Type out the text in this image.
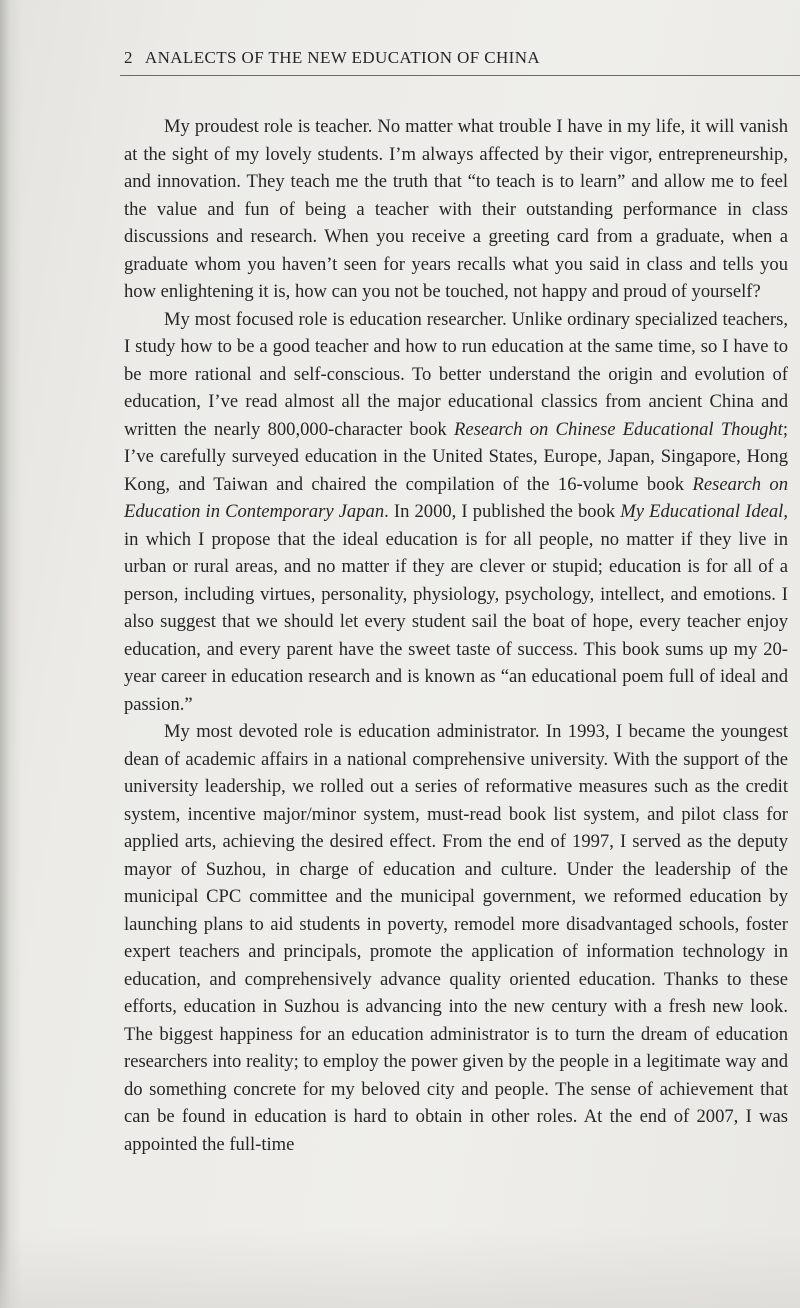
2 ANALECTS OF THE NEW EDUCATION OF CHINA

My proudest role is teacher. No matter what trouble I have in my life, it will vanish at the sight of my lovely students. I’m always affected by their vigor, entrepreneurship, and innovation. They teach me the truth that “to teach is to learn” and allow me to feel the value and fun of being a teacher with their outstanding performance in class discussions and research. When you receive a greeting card from a graduate, when a graduate whom you haven’t seen for years recalls what you said in class and tells you how enlightening it is, how can you not be touched, not happy and proud of yourself?

My most focused role is education researcher. Unlike ordinary specialized teachers, I study how to be a good teacher and how to run education at the same time, so I have to be more rational and self-conscious. To better understand the origin and evolution of education, I’ve read almost all the major educational classics from ancient China and written the nearly 800,000-character book Research on Chinese Educational Thought; I’ve carefully surveyed education in the United States, Europe, Japan, Singapore, Hong Kong, and Taiwan and chaired the compilation of the 16-volume book Research on Education in Contemporary Japan. In 2000, I published the book My Educational Ideal, in which I propose that the ideal education is for all people, no matter if they live in urban or rural areas, and no matter if they are clever or stupid; education is for all of a person, including virtues, personality, physiology, psychology, intellect, and emotions. I also suggest that we should let every student sail the boat of hope, every teacher enjoy education, and every parent have the sweet taste of success. This book sums up my 20-year career in education research and is known as “an educational poem full of ideal and passion.”

My most devoted role is education administrator. In 1993, I became the youngest dean of academic affairs in a national comprehensive university. With the support of the university leadership, we rolled out a series of reformative measures such as the credit system, incentive major/minor system, must-read book list system, and pilot class for applied arts, achieving the desired effect. From the end of 1997, I served as the deputy mayor of Suzhou, in charge of education and culture. Under the leadership of the municipal CPC committee and the municipal government, we reformed education by launching plans to aid students in poverty, remodel more disadvantaged schools, foster expert teachers and principals, promote the application of information technology in education, and comprehensively advance quality oriented education. Thanks to these efforts, education in Suzhou is advancing into the new century with a fresh new look. The biggest happiness for an education administrator is to turn the dream of education researchers into reality; to employ the power given by the people in a legitimate way and do something concrete for my beloved city and people. The sense of achievement that can be found in education is hard to obtain in other roles. At the end of 2007, I was appointed the full-time
